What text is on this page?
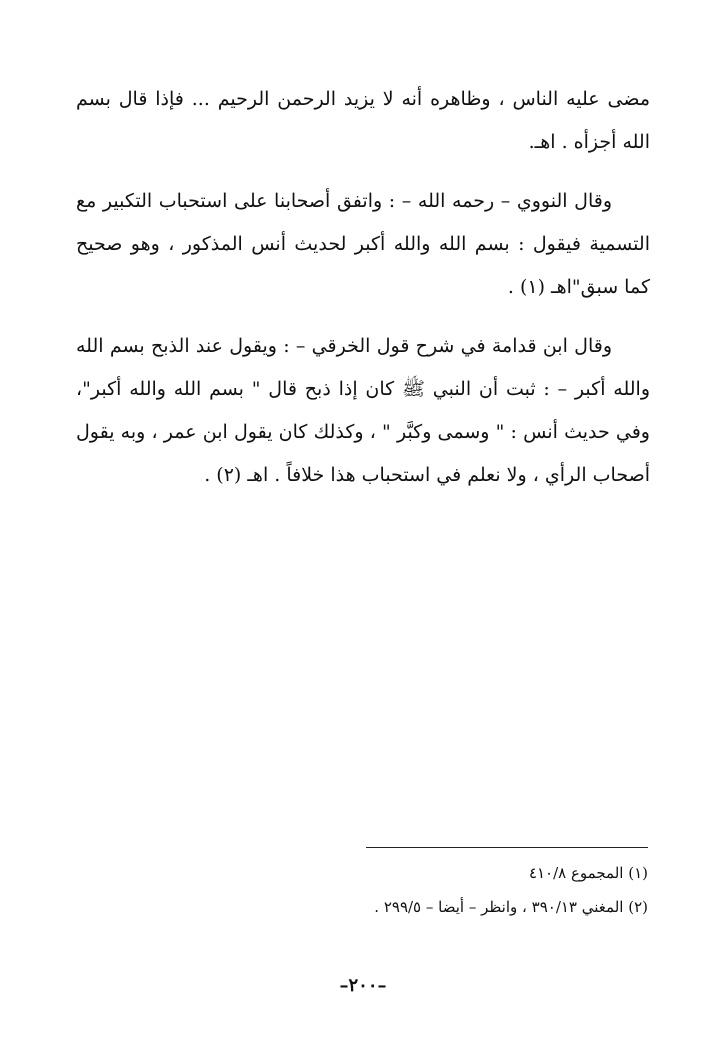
مضى عليه الناس ، وظاهره أنه لا يزيد الرحمن الرحيم ... فإذا قال بسم الله أجزأه . اهـ.

وقال النووي – رحمه الله – : واتفق أصحابنا على استحباب التكبير مع التسمية فيقول : بسم الله والله أكبر لحديث أنس المذكور ، وهو صحيح كما سبق"اهـ (١) .

وقال ابن قدامة في شرح قول الخرقي – : ويقول عند الذبح بسم الله والله أكبر – : ثبت أن النبي ﷺ كان إذا ذبح قال " بسم الله والله أكبر"، وفي حديث أنس : " وسمى وكبَّر " ، وكذلك كان يقول ابن عمر ، وبه يقول أصحاب الرأي ، ولا نعلم في استحباب هذا خلافاً . اهـ (٢) .

(١) المجموع ٤١٠/٨

(٢) المغني ٣٩٠/١٣ ، وانظر – أيضا – ٢٩٩/٥ .

–٢٠٠–
